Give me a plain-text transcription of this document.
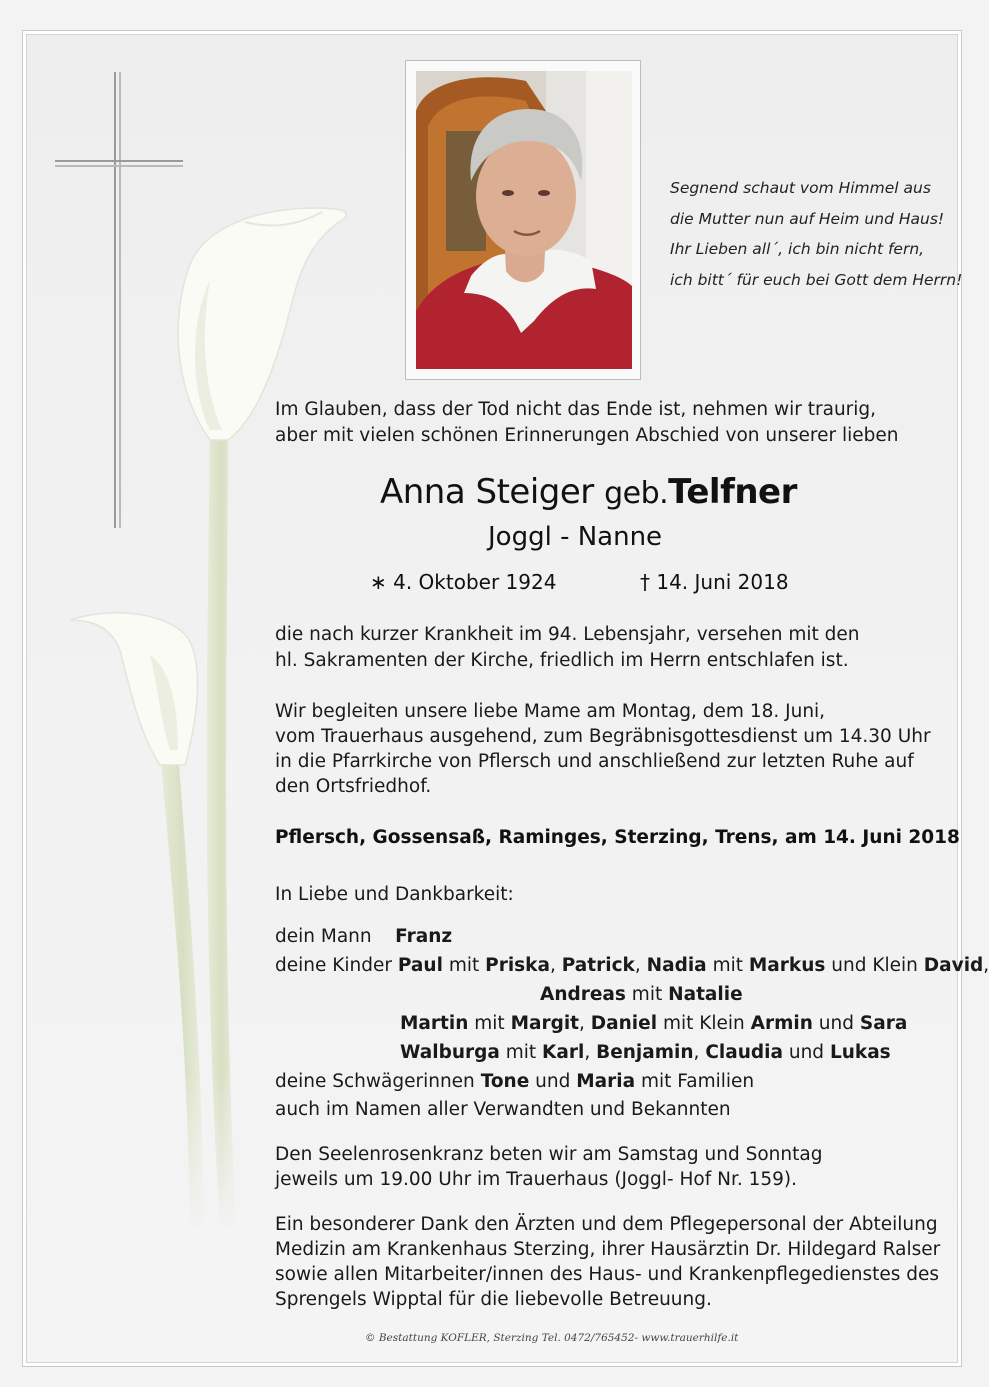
Segnend schaut vom Himmel aus
die Mutter nun auf Heim und Haus!
Ihr Lieben all´, ich bin nicht fern,
ich bitt´ für euch bei Gott dem Herrn!
Im Glauben, dass der Tod nicht das Ende ist, nehmen wir traurig,
aber mit vielen schönen Erinnerungen Abschied von unserer lieben
Anna Steiger geb.Telfner
Joggl - Nanne
∗ 4. Oktober 1924	† 14. Juni 2018
die nach kurzer Krankheit im 94. Lebensjahr, versehen mit den
hl. Sakramenten der Kirche, friedlich im Herrn entschlafen ist.
Wir begleiten unsere liebe Mame am Montag, dem 18. Juni,
vom Trauerhaus ausgehend, zum Begräbnisgottesdienst um 14.30 Uhr
in die Pfarrkirche von Pflersch und anschließend zur letzten Ruhe auf
den Ortsfriedhof.
Pflersch, Gossensaß, Raminges, Sterzing, Trens, am 14. Juni 2018
In Liebe und Dankbarkeit:
dein Mann Franz
deine Kinder Paul mit Priska, Patrick, Nadia mit Markus und Klein David,
Andreas mit Natalie
Martin mit Margit, Daniel mit Klein Armin und Sara
Walburga mit Karl, Benjamin, Claudia und Lukas
deine Schwägerinnen Tone und Maria mit Familien
auch im Namen aller Verwandten und Bekannten
Den Seelenrosenkranz beten wir am Samstag und Sonntag
jeweils um 19.00 Uhr im Trauerhaus (Joggl- Hof Nr. 159).
Ein besonderer Dank den Ärzten und dem Pflegepersonal der Abteilung
Medizin am Krankenhaus Sterzing, ihrer Hausärztin Dr. Hildegard Ralser
sowie allen Mitarbeiter/innen des Haus- und Krankenpflegedienstes des
Sprengels Wipptal für die liebevolle Betreuung.
© Bestattung KOFLER, Sterzing Tel. 0472/765452- www.trauerhilfe.it
